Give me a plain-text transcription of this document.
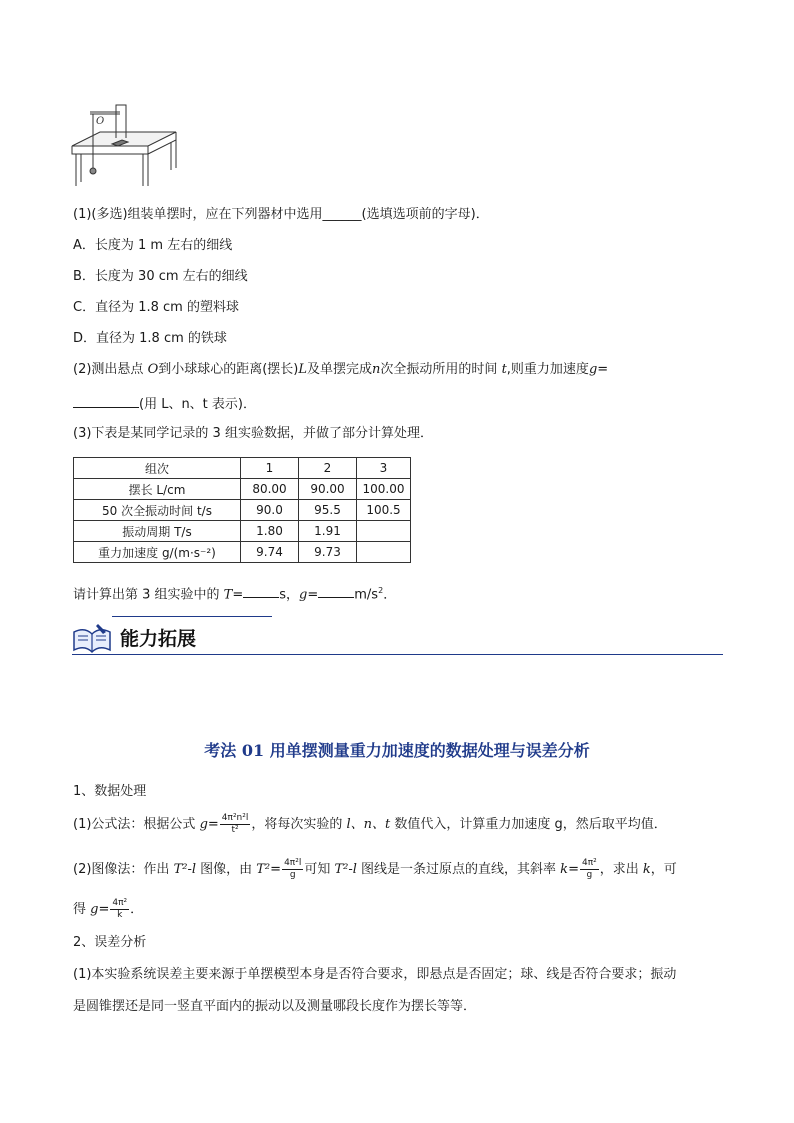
O
(1)(多选)组装单摆时，应在下列器材中选用______(选填选项前的字母)．
A．长度为 1 m 左右的细线
B．长度为 30 cm 左右的细线
C．直径为 1.8 cm 的塑料球
D．直径为 1.8 cm 的铁球
(2)测出悬点 O到小球球心的距离(摆长)L及单摆完成n次全振动所用的时间 t,则重力加速度g=
(用 L、n、t 表示)．
(3)下表是某同学记录的 3 组实验数据，并做了部分计算处理．
组次	1	2	3
摆长 L/cm	80.00	90.00	100.00
50 次全振动时间 t/s	90.0	95.5	100.5
振动周期 T/s	1.80	1.91	
重力加速度 g/(m·s⁻²)	9.74	9.73	
请计算出第 3 组实验中的 T=	s，g=	$m/s^2$．
能力拓展
考法 01 用单摆测量重力加速度的数据处理与误差分析
1、数据处理
(1)公式法：根据公式 $g= \frac{\text{4π²n²l}}{\text{t²}}$ ，将每次实验的 l、n、t 数值代入，计算重力加速度 g，然后取平均值．
(2)图像法：作出 T²-l 图像，由 $T^2= \frac{\text{4π²l}}{g}$ 可知 T²-l 图线是一条过原点的直线，其斜率 $k= \frac{\text{4π²}}{g}$ ，求出 k，可
得 $g= \frac{\text{4π²}}{k}$ ．
2、误差分析
(1)本实验系统误差主要来源于单摆模型本身是否符合要求，即悬点是否固定；球、线是否符合要求；振动
是圆锥摆还是同一竖直平面内的振动以及测量哪段长度作为摆长等等．
